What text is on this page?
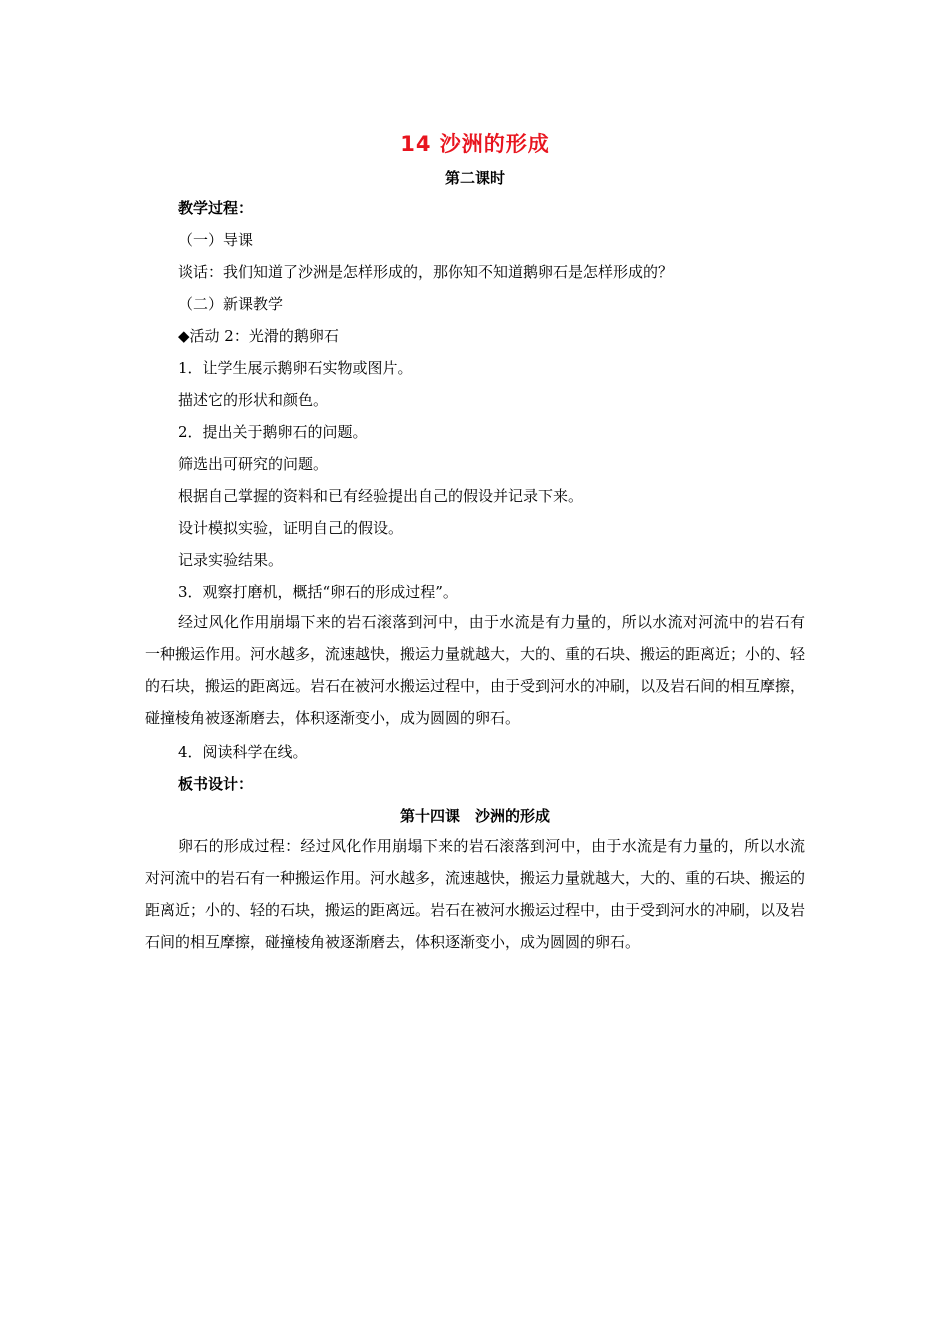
14 沙洲的形成
第二课时
教学过程：
（一）导课
谈话：我们知道了沙洲是怎样形成的，那你知不知道鹅卵石是怎样形成的？
（二）新课教学
◆活动 2：光滑的鹅卵石
1．让学生展示鹅卵石实物或图片。
描述它的形状和颜色。
2．提出关于鹅卵石的问题。
筛选出可研究的问题。
根据自己掌握的资料和已有经验提出自己的假设并记录下来。
设计模拟实验，证明自己的假设。
记录实验结果。
3．观察打磨机，概括“卵石的形成过程”。
经过风化作用崩塌下来的岩石滚落到河中，由于水流是有力量的，所以水流对河流中的岩石有一种搬运作用。河水越多，流速越快，搬运力量就越大，大的、重的石块、搬运的距离近；小的、轻的石块，搬运的距离远。岩石在被河水搬运过程中，由于受到河水的冲刷，以及岩石间的相互摩擦，碰撞棱角被逐渐磨去，体积逐渐变小，成为圆圆的卵石。
4．阅读科学在线。
板书设计：
第十四课　沙洲的形成
卵石的形成过程：经过风化作用崩塌下来的岩石滚落到河中，由于水流是有力量的，所以水流对河流中的岩石有一种搬运作用。河水越多，流速越快，搬运力量就越大，大的、重的石块、搬运的距离近；小的、轻的石块，搬运的距离远。岩石在被河水搬运过程中，由于受到河水的冲刷，以及岩石间的相互摩擦，碰撞棱角被逐渐磨去，体积逐渐变小，成为圆圆的卵石。
